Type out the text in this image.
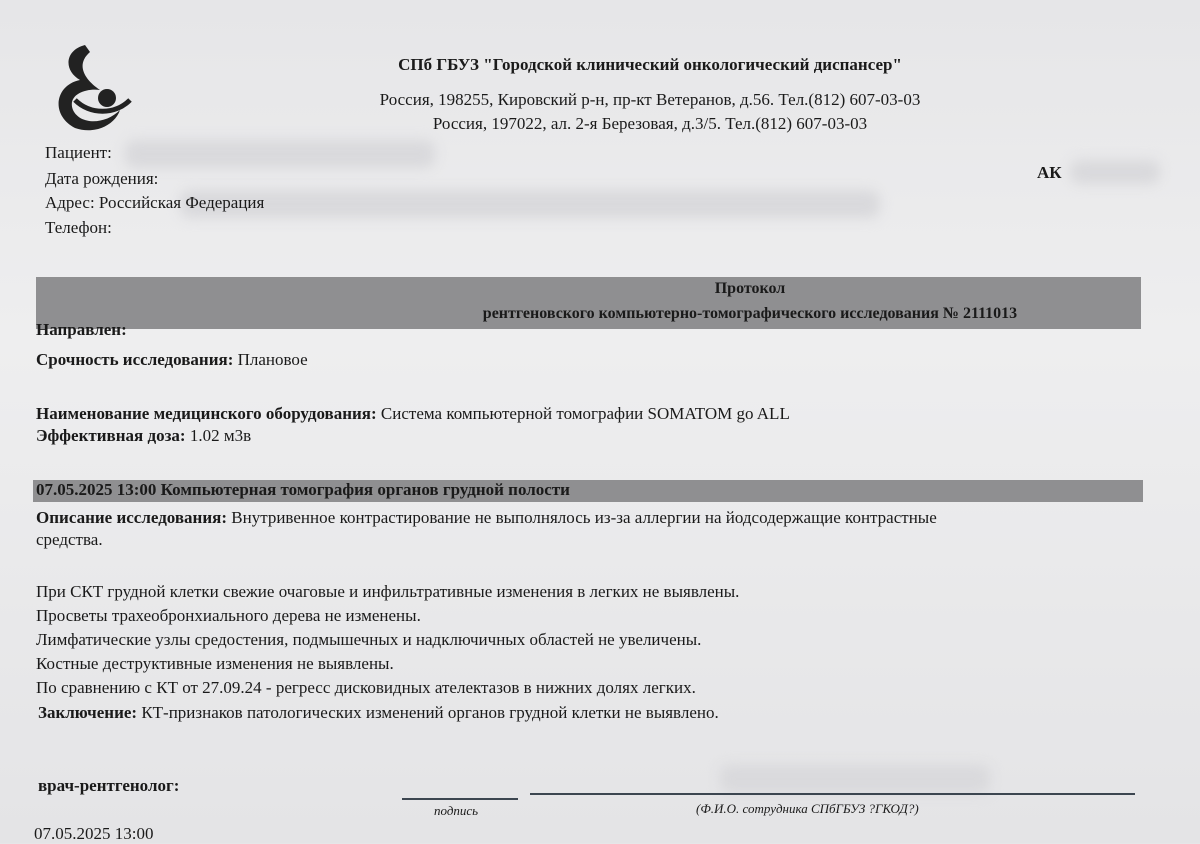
СПб ГБУЗ "Городской клинический онкологический диспансер"
Россия, 198255, Кировский р-н, пр-кт Ветеранов, д.56. Тел.(812) 607-03-03
Россия, 197022, ал. 2-я Березовая, д.3/5. Тел.(812) 607-03-03
Пациент:
Дата рождения:
Адрес: Российская Федерация
Телефон:
АК
Протокол
рентгеновского компьютерно-томографического исследования № 2111013
Направлен:
Срочность исследования: Плановое
Наименование медицинского оборудования: Система компьютерной томографии SOMATOM go ALL
Эффективная доза: 1.02 м3в
07.05.2025 13:00 Компьютерная томография органов грудной полости
Описание исследования: Внутривенное контрастирование не выполнялось из-за аллергии на йодсодержащие контрастные
средства.
При СКТ грудной клетки свежие очаговые и инфильтративные изменения в легких не выявлены.
Просветы трахеобронхиального дерева не изменены.
Лимфатические узлы средостения, подмышечных и надключичных областей не увеличены.
Костные деструктивные изменения не выявлены.
По сравнению с КТ от 27.09.24 - регресс дисковидных ателектазов в нижних долях легких.
Заключение: КТ-признаков патологических изменений органов грудной клетки не выявлено.
врач-рентгенолог:
подпись	(Ф.И.О. сотрудника СПбГБУЗ ?ГКОД?)
07.05.2025 13:00
